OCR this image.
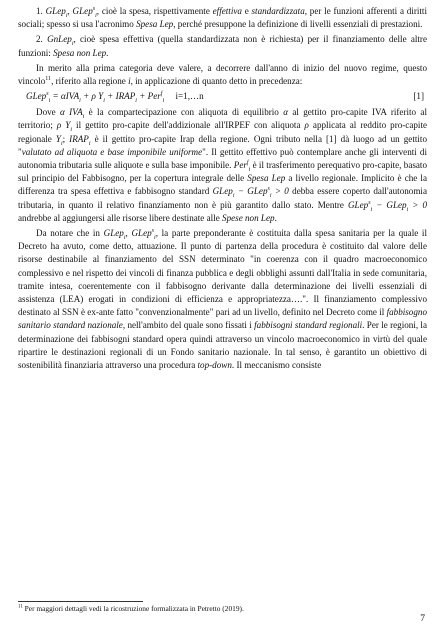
1. GLep$_i$, GLep$^s_i$, cioè la spesa, rispettivamente effettiva e standardizzata, per le funzioni afferenti a diritti sociali; spesso si usa l'acronimo Spesa Lep, perché presuppone la definizione di livelli essenziali di prestazioni.

2. GnLep$_i$, cioè spesa effettiva (quella standardizzata non è richiesta) per il finanziamento delle altre funzioni: Spesa non Lep.

In merito alla prima categoria deve valere, a decorrere dall'anno di inizio del nuovo regime, questo vincolo$^{11}$, riferito alla regione i, in applicazione di quanto detto in precedenza:

GLep$^s_i$ = αIVA$_i$ + ρ $Y_i$ + $IRAP_i + Per^f_i$ i=1,…n	[1]

Dove α $IVA_i$ è la compartecipazione con aliquota di equilibrio α al gettito pro-capite IVA riferito al territorio; ρ $Y_i$ il gettito pro-capite dell'addizionale all'IRPEF con aliquota ρ applicata al reddito pro-capite regionale $Y_i$; $IRAP_i$ è il gettito pro-capite Irap della regione. Ogni tributo nella [1] dà luogo ad un gettito "valutato ad aliquota e base imponibile uniforme". Il gettito effettivo può contemplare anche gli interventi di autonomia tributaria sulle aliquote e sulla base imponibile. Per$^f_i$ è il trasferimento perequativo pro-capite, basato sul principio del Fabbisogno, per la copertura integrale delle Spesa Lep a livello regionale. Implicito è che la differenza tra spesa effettiva e fabbisogno standard GLep$_i$ − GLep$^s_i$ > 0 debba essere coperto dall'autonomia tributaria, in quanto il relativo finanziamento non è più garantito dallo stato. Mentre GLep$^s_i$ − GLep$_i$ > 0 andrebbe al aggiungersi alle risorse libere destinate alle Spese non Lep.

Da notare che in GLep$_i$, GLep$^s_i$, la parte preponderante è costituita dalla spesa sanitaria per la quale il Decreto ha avuto, come detto, attuazione. Il punto di partenza della procedura è costituito dal valore delle risorse destinabile al finanziamento del SSN determinato "in coerenza con il quadro macroeconomico complessivo e nel rispetto dei vincoli di finanza pubblica e degli obblighi assunti dall'Italia in sede comunitaria, tramite intesa, coerentemente con il fabbisogno derivante dalla determinazione dei livelli essenziali di assistenza (LEA) erogati in condizioni di efficienza e appropriatezza….". Il finanziamento complessivo destinato al SSN è ex-ante fatto "convenzionalmente" pari ad un livello, definito nel Decreto come il fabbisogno sanitario standard nazionale, nell'ambito del quale sono fissati i fabbisogni standard regionali. Per le regioni, la determinazione dei fabbisogni standard opera quindi attraverso un vincolo macroeconomico in virtù del quale ripartire le destinazioni regionali di un Fondo sanitario nazionale. In tal senso, è garantito un obiettivo di sostenibilità finanziaria attraverso una procedura top-down. Il meccanismo consiste

$^{11}$ Per maggiori dettagli vedi la ricostruzione formalizzata in Petretto (2019).
7
